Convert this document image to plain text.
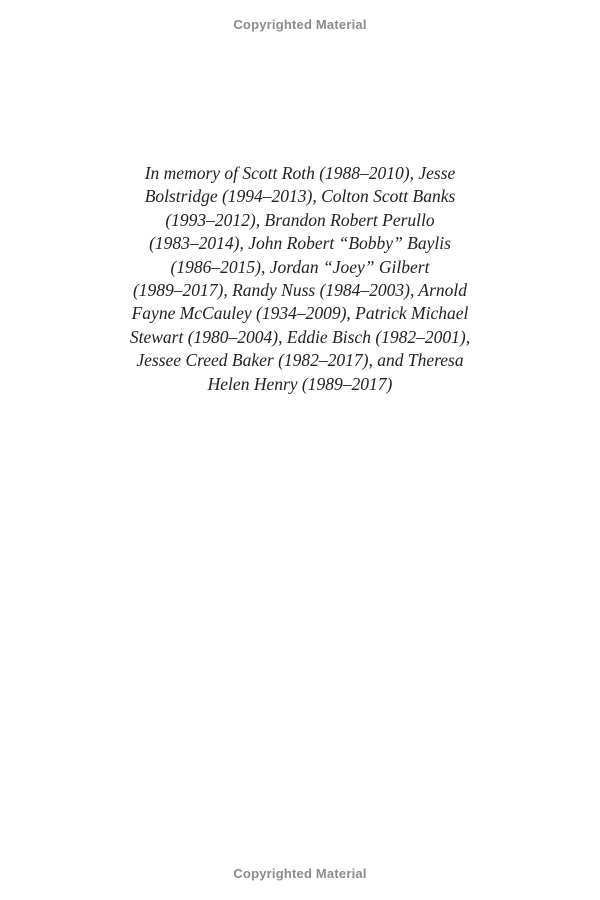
Copyrighted Material
In memory of Scott Roth (1988–2010), Jesse
Bolstridge (1994–2013), Colton Scott Banks
(1993–2012), Brandon Robert Perullo
(1983–2014), John Robert “Bobby” Baylis
(1986–2015), Jordan “Joey” Gilbert
(1989–2017), Randy Nuss (1984–2003), Arnold
Fayne McCauley (1934–2009), Patrick Michael
Stewart (1980–2004), Eddie Bisch (1982–2001),
Jessee Creed Baker (1982–2017), and Theresa
Helen Henry (1989–2017)
Copyrighted Material
